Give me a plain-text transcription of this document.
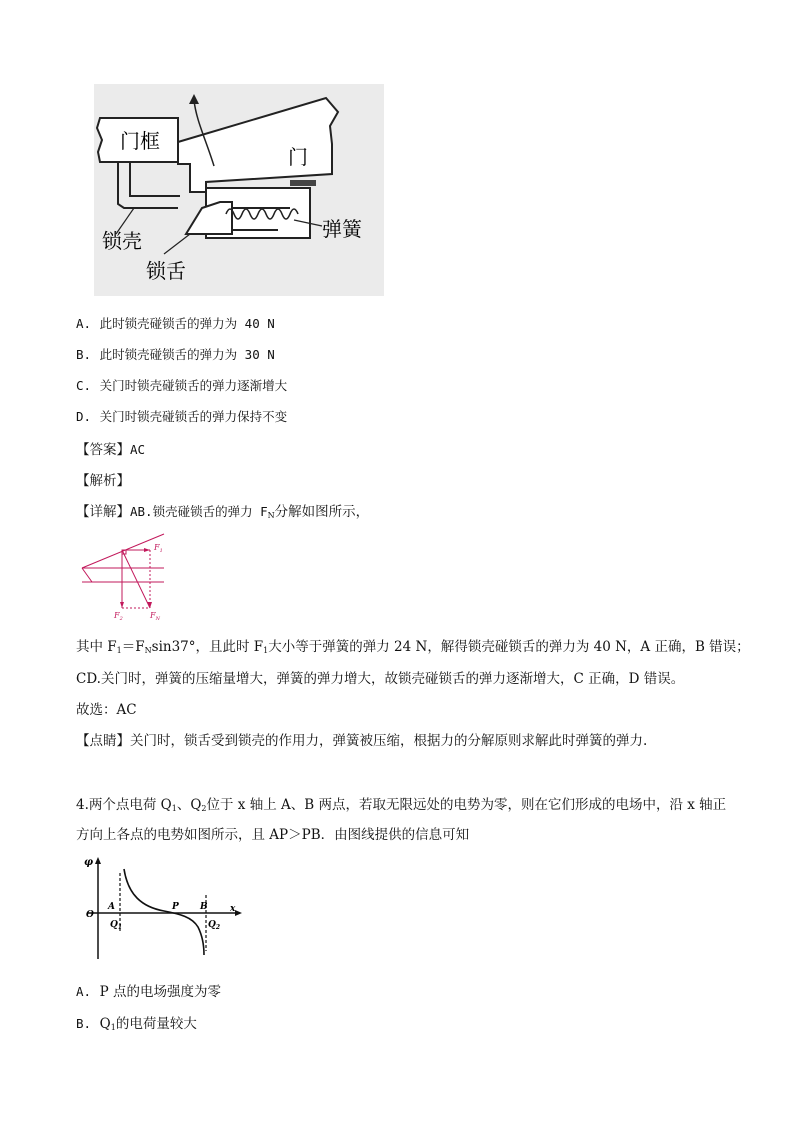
门框
门
弹簧
锁壳
锁舌
A. 此时锁壳碰锁舌的弹力为 40 N
B. 此时锁壳碰锁舌的弹力为 30 N
C. 关门时锁壳碰锁舌的弹力逐渐增大
D. 关门时锁壳碰锁舌的弹力保持不变
【答案】AC
【解析】
【详解】AB.锁壳碰锁舌的弹力 $F_N$分解如图所示，
$F_1$
$F_2$	$F_N$
其中 $F_1=F_N\sin 37^\circ$，且此时 $F_1$大小等于弹簧的弹力 24 N，解得锁壳碰锁舌的弹力为 40 N，A 正确，B 错误；
CD.关门时，弹簧的压缩量增大，弹簧的弹力增大，故锁壳碰锁舌的弹力逐渐增大，C 正确，D 错误。
故选：AC
【点睛】关门时，锁舌受到锁壳的作用力，弹簧被压缩，根据力的分解原则求解此时弹簧的弹力.
4.两个点电荷 $Q_1$、$Q_2$位于 x 轴上 A、B 两点，若取无限远处的电势为零，则在它们形成的电场中，沿 x 轴正
方向上各点的电势如图所示，且 AP＞PB．由图线提供的信息可知
φ
O
A	P B
$Q_1$	$Q_2$
x
A. P 点的电场强度为零
B. $Q_1$的电荷量较大
